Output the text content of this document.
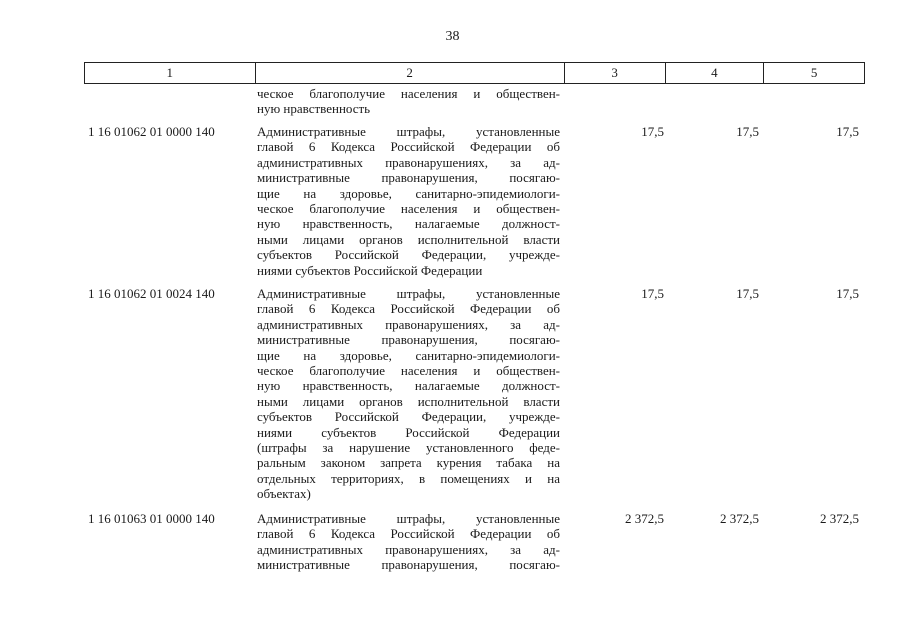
38
1	2	3	4	5
ческое благополучие населения и обществен-
ную нравственность
1 16 01062 01 0000 140	Административные штрафы, установленные
главой 6 Кодекса Российской Федерации об
административных правонарушениях, за ад-
министративные правонарушения, посягаю-
щие на здоровье, санитарно-эпидемиологи-
ческое благополучие населения и обществен-
ную нравственность, налагаемые должност-
ными лицами органов исполнительной власти
субъектов Российской Федерации, учрежде-
ниями субъектов Российской Федерации
17,5	17,5	17,5
1 16 01062 01 0024 140	Административные штрафы, установленные
главой 6 Кодекса Российской Федерации об
административных правонарушениях, за ад-
министративные правонарушения, посягаю-
щие на здоровье, санитарно-эпидемиологи-
ческое благополучие населения и обществен-
ную нравственность, налагаемые должност-
ными лицами органов исполнительной власти
субъектов Российской Федерации, учрежде-
ниями субъектов Российской Федерации
(штрафы за нарушение установленного феде-
ральным законом запрета курения табака на
отдельных территориях, в помещениях и на
объектах)
17,5	17,5	17,5
1 16 01063 01 0000 140	Административные штрафы, установленные
главой 6 Кодекса Российской Федерации об
административных правонарушениях, за ад-
министративные правонарушения, посягаю-
2 372,5	2 372,5	2 372,5
